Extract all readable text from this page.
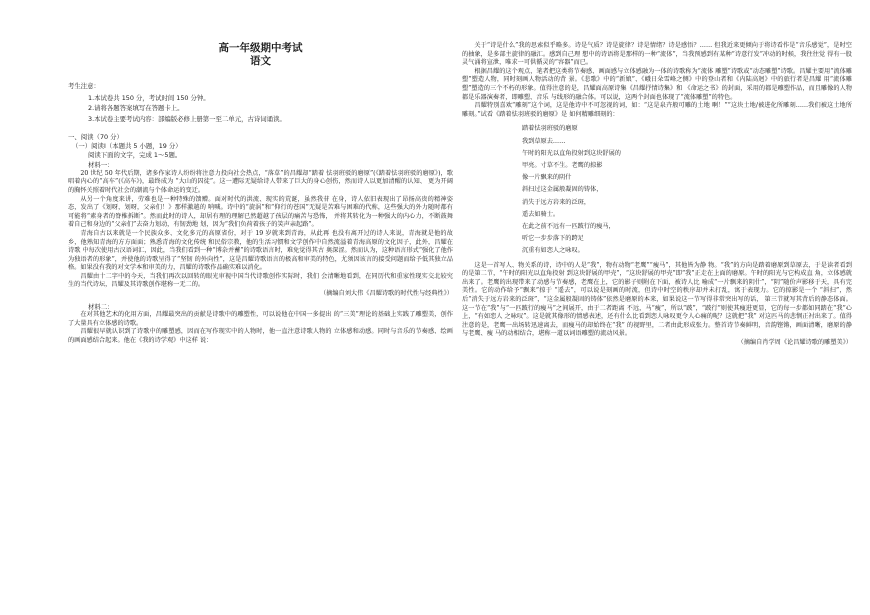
高一年级期中考试
语文
考生注意：
1.本试卷共 150 分，考试时间 150 分钟。
2.请将各题答案填写在答题卡上。
3.本试卷主要考试内容：部编版必修上册第一至二单元，古诗词诵读。
一、阅读（70 分）
（一）阅读Ⅰ（本题共 5 小题，19 分）
阅读下面的文字，完成 1～5题。
材料一：

20 世纪 50 年代后期，诸多作家诗人纷纷将注意力投向社会热点，“落草”的昌耀却“踏着 怯羽班驳的磨原”(《踏着怯羽班驳的磨原》)，歌唱着内心的“高车”(《高车》)，最终成为 “大山的囚徒”。这一遭际无疑给诗人带来了巨大的身心创伤，然而诗人以更加清醒的认知、 更为开阔的胸怀关照着时代社会的潮流与个体命运的变迁。

从另一个角度来讲，劳难也是一种特殊的馈赠。面对时代的洪流、现实的荒诞，虽然我苷 在身，诗人依旧表现出了昂扬高贵的精神姿态，发出了《划呀，划呀，父亲们！》那样激越的 呐喊。诗中的“旋涡”和“仰行的苍国”无疑是苦难与困难的代称，这些强大的外力随时都有 可能将“素身者的脊椎拆断”。然而此时的诗人，却居有理的理解已然超越了孩层的痛苦与恐怖， 并将其转化为一种强大的内心力，不断鼓舞着自己和身边的“父亲们”去奋力划动，有韧劲地 划，因为“我们负荷着孩子的笑声亲起路”。

青海自古以来就是一个民族众多、文化多元的高原省份，对于 19 岁就来到青海，从此再 也没有离开过的诗人来说，青海就是他的故乡，他熟知青海的方方面面；熟悉青海的文化传统 和民俗宗教，他的生活习惯和文学创作中自然流溢着青海高原的文化因子，此外，昌耀在诗歌 中每次使用古汉语词汇，因此，当我们看到一种“博杂并蓄”的诗歌语言时，难免觉得其古 奥深涩。然而认为，这种语言形式“强化了他作为独语者的形象”，并使他的诗歌呈得了“坚韧 的外向性”，这是昌耀诗歌语言的极高和审美的特色，尤须因该言的接受问题而给予低其独立品 格。如果没有我的对文学本和审美的力，昌耀的诗歌作品确实难以消化。

昌耀由十二字中的今天，当我们再次以回转的眼光审视中国当代诗歌创作实际时，我们 会清晰地看到，在同历代和重家性现实交北较究生的当代诗坛，昌耀及其诗歌创作堪称一无二的。

（摘编自刘大伟《昌耀诗歌的时代性与经典性》）

材料二：

在对其他艺术的化用方面，昌耀最突出的贡献是诗歌中的雕塑性，可以说他在中国一多提出 的“三美”理论的基础上实践了雕塑美，创作了大量具有立体感的诗歌。

昌耀很早就认识到了诗歌中的雕塑感，因而在写作现实中的人物时，他一直注意诗歌人物的 立体感和动感。同时与音乐的节奏感、绘画的画面感结合起来。他在《我的诗学观》中这样 说：

关于“诗是什么”我的思索似乎略多。诗是气质？诗是旋律？诗是情绪？诗是感悟？…… 但我近来更倾向于将诗看作是“音乐感觉”，是时空的抽象，是多部主旋律的融汇。感到自己理 想中的诗语将是那样的一种“流体”，当我预感到有某种“诗意行发”冲动的时候，我往往觉 得有一股灵气涌将宣泄，唯求一可供循灵的“容器”而已。

根据昌耀的这个观点，笔者把这类将节奏感、画面感与立体感融为一体的诗歌称为“流体 雕塑”诗歌或“动态雕塑”诗歌。昌耀主要用“流体雕塑”塑造人物，同时刻画人物活动的背 景。《悲歌》中的“新娘”、《峨日朵雪峰之侧》中的登山者和《内陆高迥》中的旅行者是昌耀 用“流体雕塑”塑造的三个不朽的形象。值得注意的是，昌耀面高原诗集《昌耀抒情诗集》和 《命运之书》的封面，采用的都是雕塑作品，而且雕像的人物都是乐器演奏者，即雕塑、音乐 与线形的融合体。可以说，这两个封面也体现了“流体雕塑”的特色。

昌耀特别喜欢“雕刻”这个词，这是他诗中不可忽视的词，如：“这是泉卉般可雕的土地 啊！”“这块土地/被进化所雕刻……我们被这土地所雕刻。”试看《踏着怯羽班驳的磨原》是 如何精雕细刻的：

踏着怯羽班驳的磨原
我到草原去……
午时的阳光以直角投射到这块舒展的
甲亮。寸草不生。老鹰的掠影
像一片飘来的阴什
斜扫过这金属般凝固的铸体，
消失于远方岩来的泛斑，
遥去如骑士。
在此之前不远有一匹跛行的瘦马，
听它一步步落下的跨足
沉重有如恋人之咏叹。

这是一首写人、物关系的诗，诗中的人是“我”，物有动物“老鹰”“瘦马”，其他皆为静 物。“我”的方向是踏着磨原到草原去，于是读者看到的是第二节，“午时的阳光以直角投射 到这块舒展的甲壳”，“这块舒展的甲壳”即“我”正走在上面的磨原。午时的阳光与它构成直 角，立体感就出来了。老鹰的出现带来了动感与节奏感，老鹰在上，它的影子则附在下面，被诗人比 喻成“一片飘来的阴什”，“阴”随价声影移于天，具有完美性。它的动作给予“飘来”掠于 “遥去”，可以说是刻画的时流，但诗中时空的秩序却并未打乱，寓于表现力。它的掠影是一个 “斜扫”，然后“消失于远方岩来的泛斑”，“这金属般凝固的铸体”依然是磨原的本来，如果说这一节写得非常突出写的话， 第三节就写其背后的静态体面。这一节在“我”与“一匹跛行的瘦马”之间展开，由于二者距离 不远，马“瘦”，所以“跛”，“跛行”则使其瘦进更显，它的每一步都如同踏在“我”心上，“有如恋人 之咏叹”。这是就其像形的情感表述，还有什么比看到恋人咏叹更令人心痛的呢？这就把“我” 对这匹马的悲悯正衬出来了。值得注意的是，老鹰一出场转迅速离去，而瘦马的却始终在“我” 的视野里，二者由此形成张力。整首诗节奏鲜明，音韵铿锵，画面清晰，磨原的静与老鹰、瘦 马的动相结合，堪称一道以词语雕塑的流动风景。

（摘编自肖学周《论昌耀诗歌的雕塑美》）
